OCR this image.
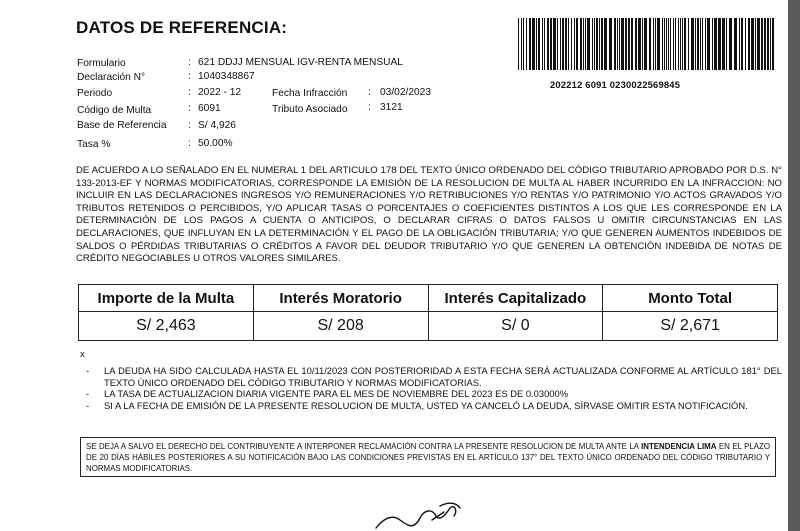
DATOS DE REFERENCIA:
Formulario	: 621 DDJJ MENSUAL IGV-RENTA MENSUAL
Declaración N°	: 1040348867
Periodo	: 2022 - 12
Código de Multa	: 6091
Base de Referencia : S/ 4,926
Tasa %	: 50.00%
Fecha Infracción : 03/02/2023
Tributo Asociado : 3121
202212 6091 0230022569845
DE ACUERDO A LO SEÑALADO EN EL NUMERAL 1 DEL ARTICULO 178 DEL TEXTO ÚNICO ORDENADO DEL CÓDIGO TRIBUTARIO APROBADO POR D.S. N° 133-2013-EF Y NORMAS MODIFICATORIAS, CORRESPONDE LA EMISIÓN DE LA RESOLUCION DE MULTA AL HABER INCURRIDO EN LA INFRACCION: NO INCLUIR EN LAS DECLARACIONES INGRESOS Y/O REMUNERACIONES Y/O RETRIBUCIONES Y/O RENTAS Y/O PATRIMONIO Y/O ACTOS GRAVADOS Y/O TRIBUTOS RETENIDOS O PERCIBIDOS, Y/O APLICAR TASAS O PORCENTAJES O COEFICIENTES DISTINTOS A LOS QUE LES CORRESPONDE EN LA DETERMINACIÓN DE LOS PAGOS A CUENTA O ANTICIPOS, O DECLARAR CIFRAS O DATOS FALSOS U OMITIR CIRCUNSTANCIAS EN LAS DECLARACIONES, QUE INFLUYAN EN LA DETERMINACIÓN Y EL PAGO DE LA OBLIGACIÓN TRIBUTARIA; Y/O QUE GENEREN AUMENTOS INDEBIDOS DE SALDOS O PÉRDIDAS TRIBUTARIAS O CRÉDITOS A FAVOR DEL DEUDOR TRIBUTARIO Y/O QUE GENEREN LA OBTENCIÓN INDEBIDA DE NOTAS DE CRÉDITO NEGOCIABLES U OTROS VALORES SIMILARES.
Importe de la Multa	Interés Moratorio	Interés Capitalizado	Monto Total
S/ 2,463	S/ 208	S/ 0	S/ 2,671
x
- LA DEUDA HA SIDO CALCULADA HASTA EL 10/11/2023 CON POSTERIORIDAD A ESTA FECHA SERÁ ACTUALIZADA CONFORME AL ARTÍCULO 181° DEL TEXTO ÚNICO ORDENADO DEL CÓDIGO TRIBUTARIO Y NORMAS MODIFICATORIAS.
- LA TASA DE ACTUALIZACION DIARIA VIGENTE PARA EL MES DE NOVIEMBRE DEL 2023 ES DE 0.03000%
- SI A LA FECHA DE EMISIÓN DE LA PRESENTE RESOLUCION DE MULTA, USTED YA CANCELÓ LA DEUDA, SÍRVASE OMITIR ESTA NOTIFICACIÓN.
SE DEJA A SALVO EL DERECHO DEL CONTRIBUYENTE A INTERPONER RECLAMACIÓN CONTRA LA PRESENTE RESOLUCION DE MULTA ANTE LA INTENDENCIA LIMA EN EL PLAZO DE 20 DÍAS HÁBILES POSTERIORES A SU NOTIFICACIÓN BAJO LAS CONDICIONES PREVISTAS EN EL ARTÍCULO 137° DEL TEXTO ÚNICO ORDENADO DEL CÓDIGO TRIBUTARIO Y NORMAS MODIFICATORIAS.
